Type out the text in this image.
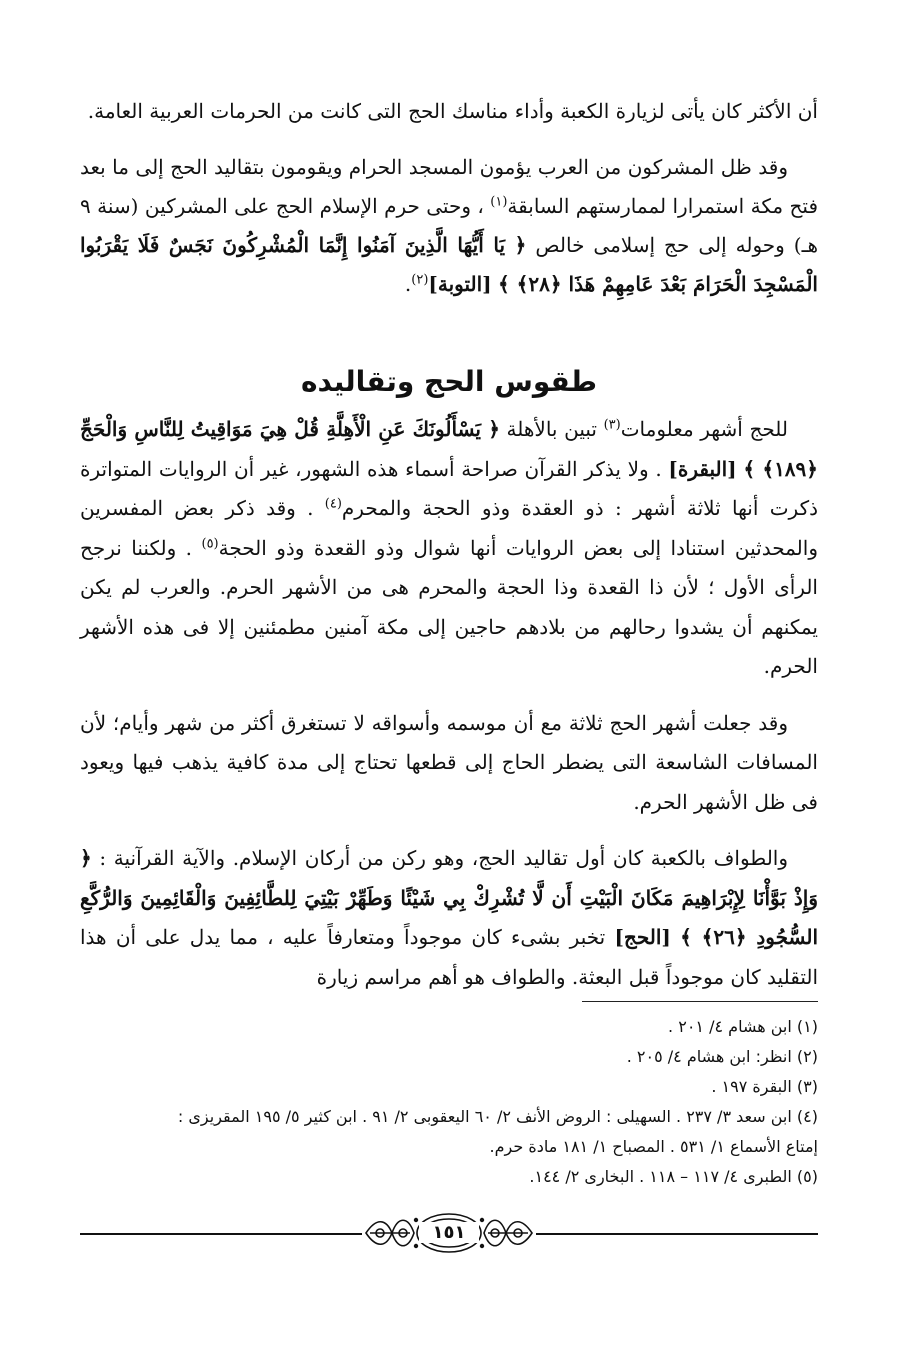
أن الأكثر كان يأتى لزيارة الكعبة وأداء مناسك الحج التى كانت من الحرمات العربية العامة.

وقد ظل المشركون من العرب يؤمون المسجد الحرام ويقومون بتقاليد الحج إلى ما بعد فتح مكة استمرارا لممارستهم السابقة$^{(١)}$ ، وحتى حرم الإسلام الحج على المشركين (سنة ٩ هـ) وحوله إلى حج إسلامى خالص ﴿ يَا أَيُّهَا الَّذِينَ آمَنُوا إِنَّمَا الْمُشْرِكُونَ نَجَسٌ فَلَا يَقْرَبُوا الْمَسْجِدَ الْحَرَامَ بَعْدَ عَامِهِمْ هَذَا ﴿٢٨﴾ ﴾ [التوبة]$^{(٢)}$.

طقوس الحج وتقاليده

للحج أشهر معلومات$^{(٣)}$ تبين بالأهلة ﴿ يَسْأَلُونَكَ عَنِ الْأَهِلَّةِ قُلْ هِيَ مَوَاقِيتُ لِلنَّاسِ وَالْحَجِّ ﴿١٨٩﴾ ﴾ [البقرة] . ولا يذكر القرآن صراحة أسماء هذه الشهور، غير أن الروايات المتواترة ذكرت أنها ثلاثة أشهر : ذو العقدة وذو الحجة والمحرم$^{(٤)}$ . وقد ذكر بعض المفسرين والمحدثين استنادا إلى بعض الروايات أنها شوال وذو القعدة وذو الحجة$^{(٥)}$ . ولكننا نرجح الرأى الأول ؛ لأن ذا القعدة وذا الحجة والمحرم هى من الأشهر الحرم. والعرب لم يكن يمكنهم أن يشدوا رحالهم من بلادهم حاجين إلى مكة آمنين مطمئنين إلا فى هذه الأشهر الحرم.

وقد جعلت أشهر الحج ثلاثة مع أن موسمه وأسواقه لا تستغرق أكثر من شهر وأيام؛ لأن المسافات الشاسعة التى يضطر الحاج إلى قطعها تحتاج إلى مدة كافية يذهب فيها ويعود فى ظل الأشهر الحرم.

والطواف بالكعبة كان أول تقاليد الحج، وهو ركن من أركان الإسلام. والآية القرآنية : ﴿ وَإِذْ بَوَّأْنَا لِإِبْرَاهِيمَ مَكَانَ الْبَيْتِ أَن لَّا تُشْرِكْ بِي شَيْئًا وَطَهِّرْ بَيْتِيَ لِلطَّائِفِينَ وَالْقَائِمِينَ وَالرُّكَّعِ السُّجُودِ ﴿٢٦﴾ ﴾ [الحج] تخبر بشىء كان موجوداً ومتعارفاً عليه ، مما يدل على أن هذا التقليد كان موجوداً قبل البعثة. والطواف هو أهم مراسم زيارة

(١) ابن هشام ٤/ ٢٠١ .
(٢) انظر: ابن هشام ٤/ ٢٠٥ .
(٣) البقرة ١٩٧ .
(٤) ابن سعد ٣/ ٢٣٧ . السهيلى : الروض الأنف ٢/ ٦٠ اليعقوبى ٢/ ٩١ . ابن كثير ٥/ ١٩٥ المقريزى :
إمتاع الأسماع ١/ ٥٣١ . المصباح ١/ ١٨١ مادة حرم.
(٥) الطبرى ٤/ ١١٧ – ١١٨ . البخارى ٢/ ١٤٤.
١٥١
